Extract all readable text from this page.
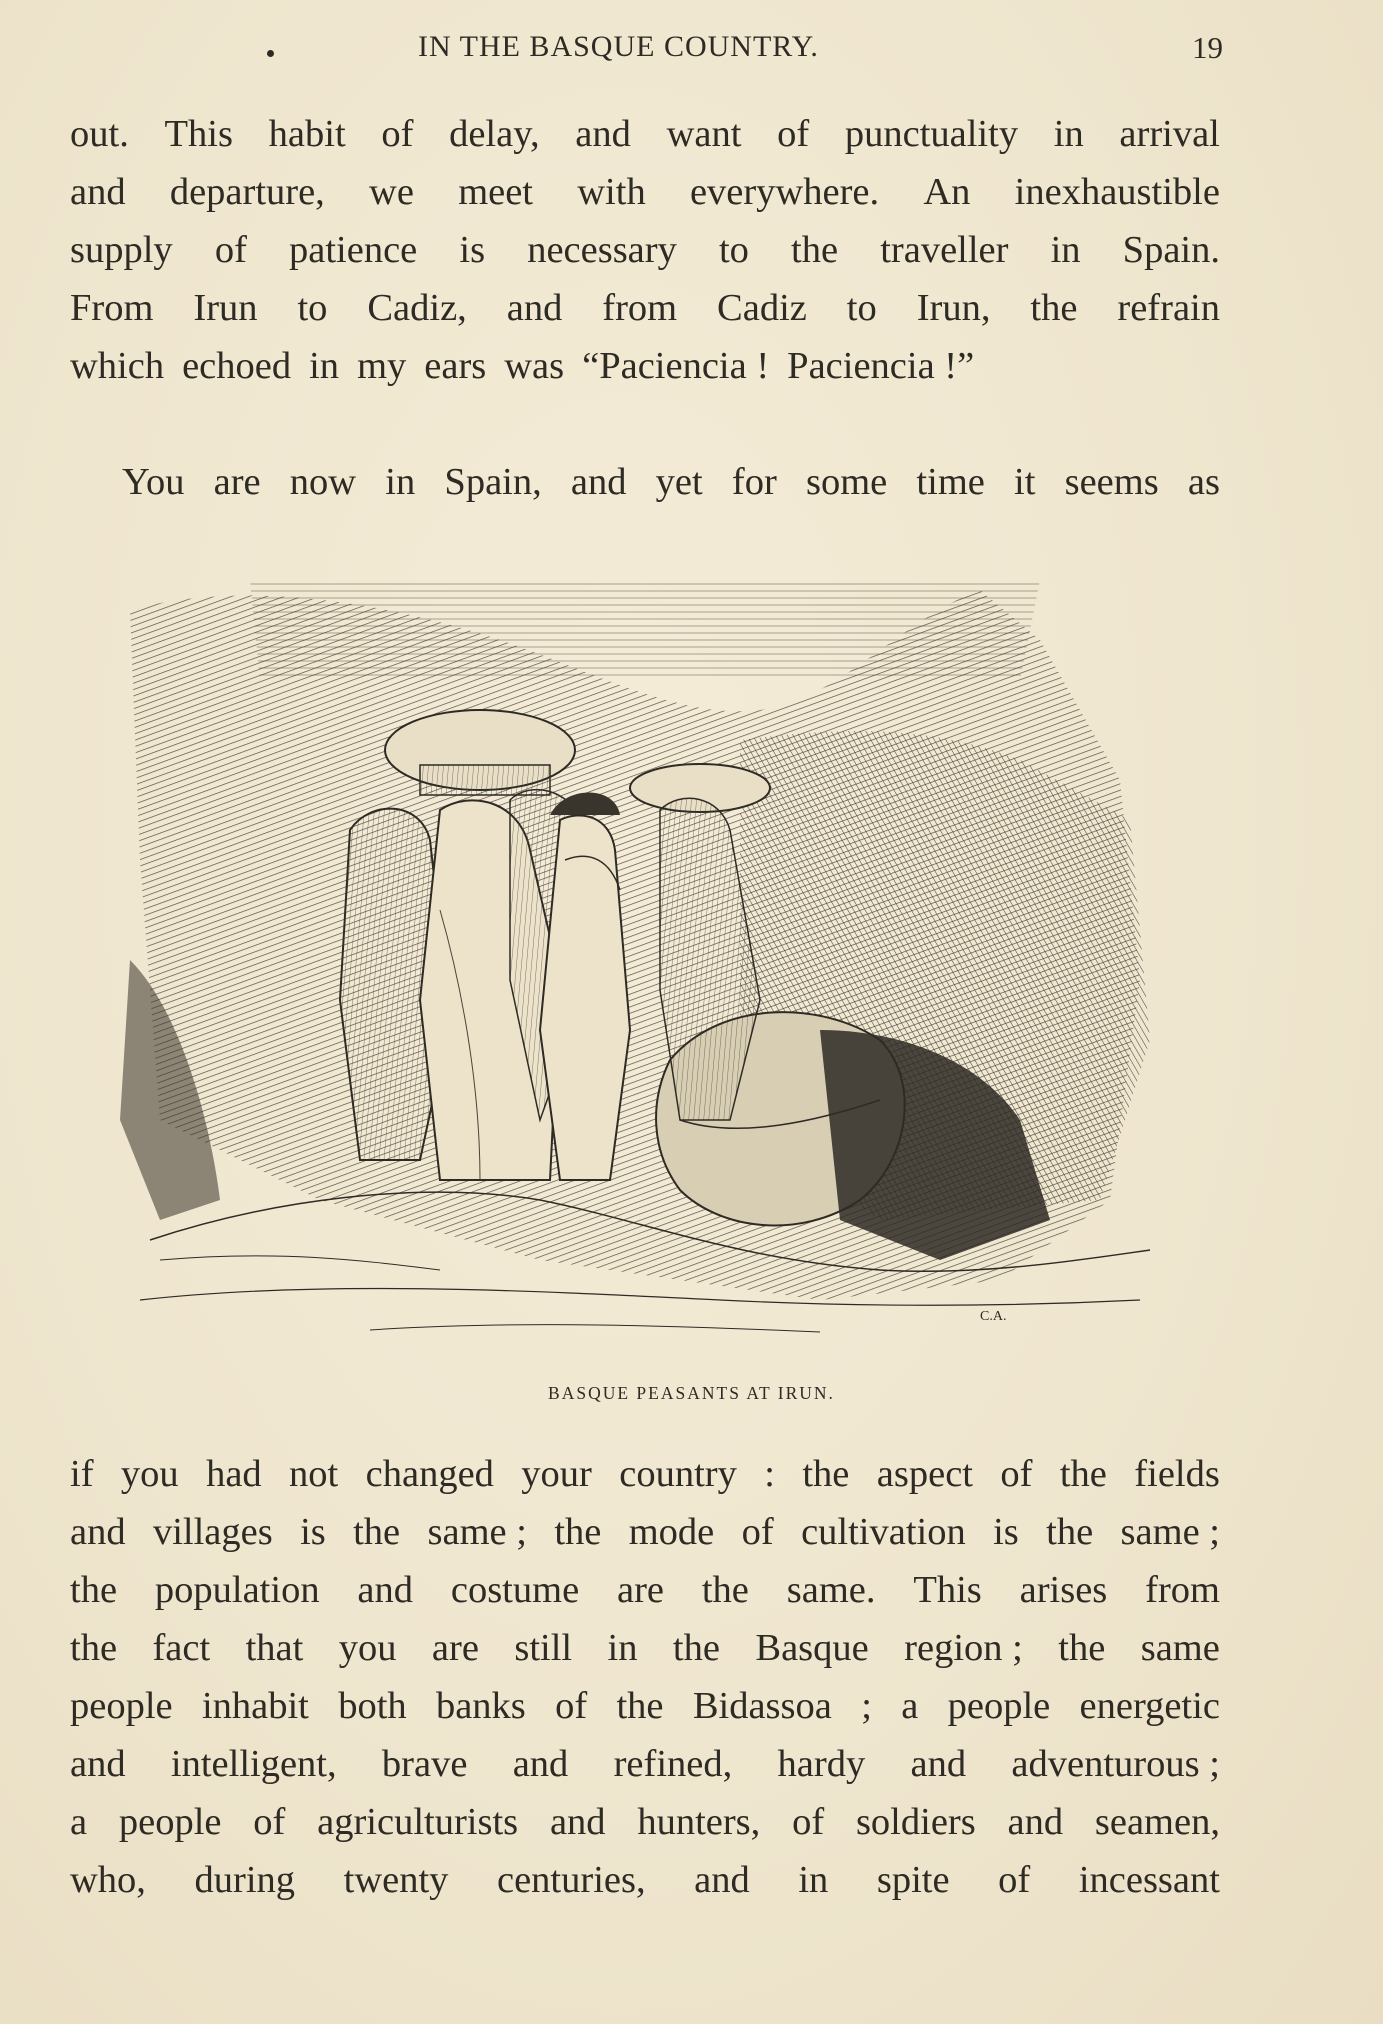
IN THE BASQUE COUNTRY.	19
out. This habit of delay, and want of punctuality in arrival
and departure, we meet with everywhere. An inexhaustible
supply of patience is necessary to the traveller in Spain.
From Irun to Cadiz, and from Cadiz to Irun, the refrain
which echoed in my ears was “Paciencia ! Paciencia !”
You are now in Spain, and yet for some time it seems as
C.A.
BASQUE PEASANTS AT IRUN.
if you had not changed your country : the aspect of the fields
and villages is the same ; the mode of cultivation is the same ;
the population and costume are the same. This arises from
the fact that you are still in the Basque region ; the same
people inhabit both banks of the Bidassoa ; a people energetic
and intelligent, brave and refined, hardy and adventurous ;
a people of agriculturists and hunters, of soldiers and seamen,
who, during twenty centuries, and in spite of incessant
